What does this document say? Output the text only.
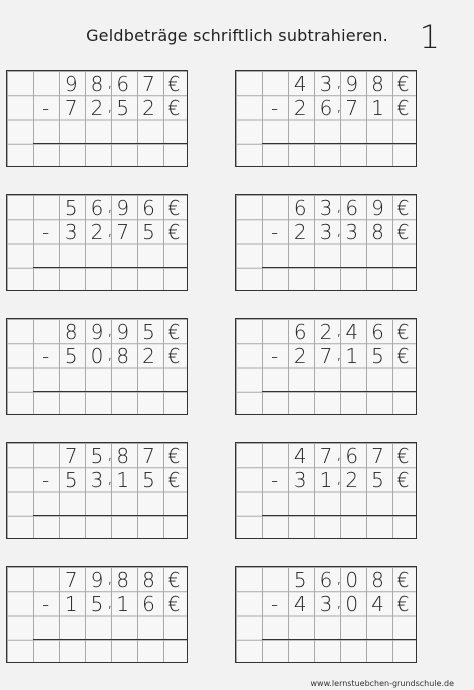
Geldbeträge schriftlich subtrahieren. 1
9 8 , 6 7 €
- 7 2 , 5 2 €
5 6 , 9 6 €
- 3 2 , 7 5 €
8 9 , 9 5 €
- 5 0 , 8 2 €
7 5 , 8 7 €
- 5 3 , 1 5 €
7 9 , 8 8 €
- 1 5 , 1 6 €
4 3 , 9 8 €
- 2 6 , 7 1 €
6 3 , 6 9 €
- 2 3 , 3 8 €
6 2 , 4 6 €
- 2 7 , 1 5 €
4 7 , 6 7 €
- 3 1 , 2 5 €
5 6 , 0 8 €
- 4 3 , 0 4 €
www.lernstuebchen-grundschule.de
